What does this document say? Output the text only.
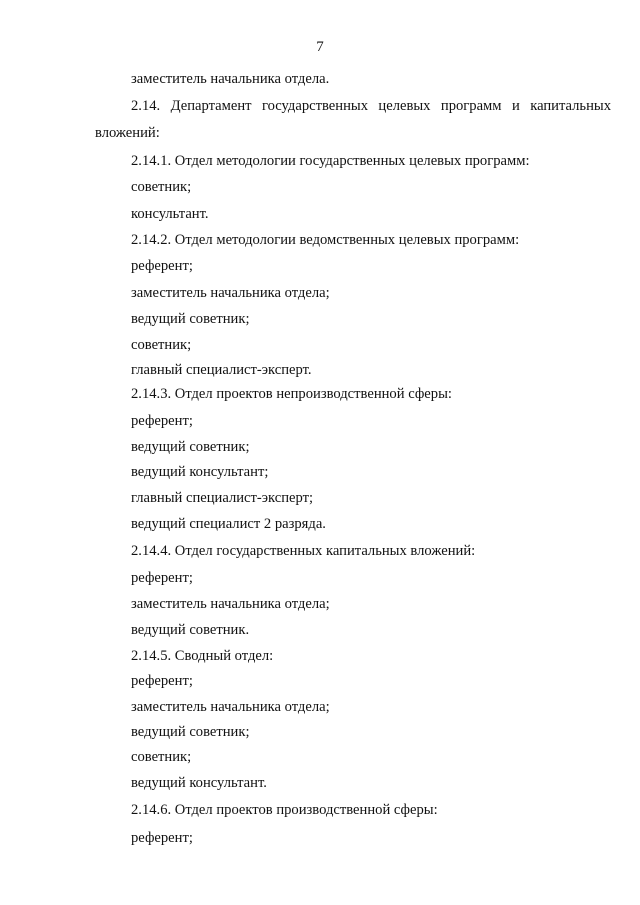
7
заместитель начальника отдела.
2.14. Департамент государственных целевых программ и капитальных
вложений:
2.14.1. Отдел методологии государственных целевых программ:
советник;
консультант.
2.14.2. Отдел методологии ведомственных целевых программ:
референт;
заместитель начальника отдела;
ведущий советник;
советник;
главный специалист-эксперт.
2.14.3. Отдел проектов непроизводственной сферы:
референт;
ведущий советник;
ведущий консультант;
главный специалист-эксперт;
ведущий специалист 2 разряда.
2.14.4. Отдел государственных капитальных вложений:
референт;
заместитель начальника отдела;
ведущий советник.
2.14.5. Сводный отдел:
референт;
заместитель начальника отдела;
ведущий советник;
советник;
ведущий консультант.
2.14.6. Отдел проектов производственной сферы:
референт;
